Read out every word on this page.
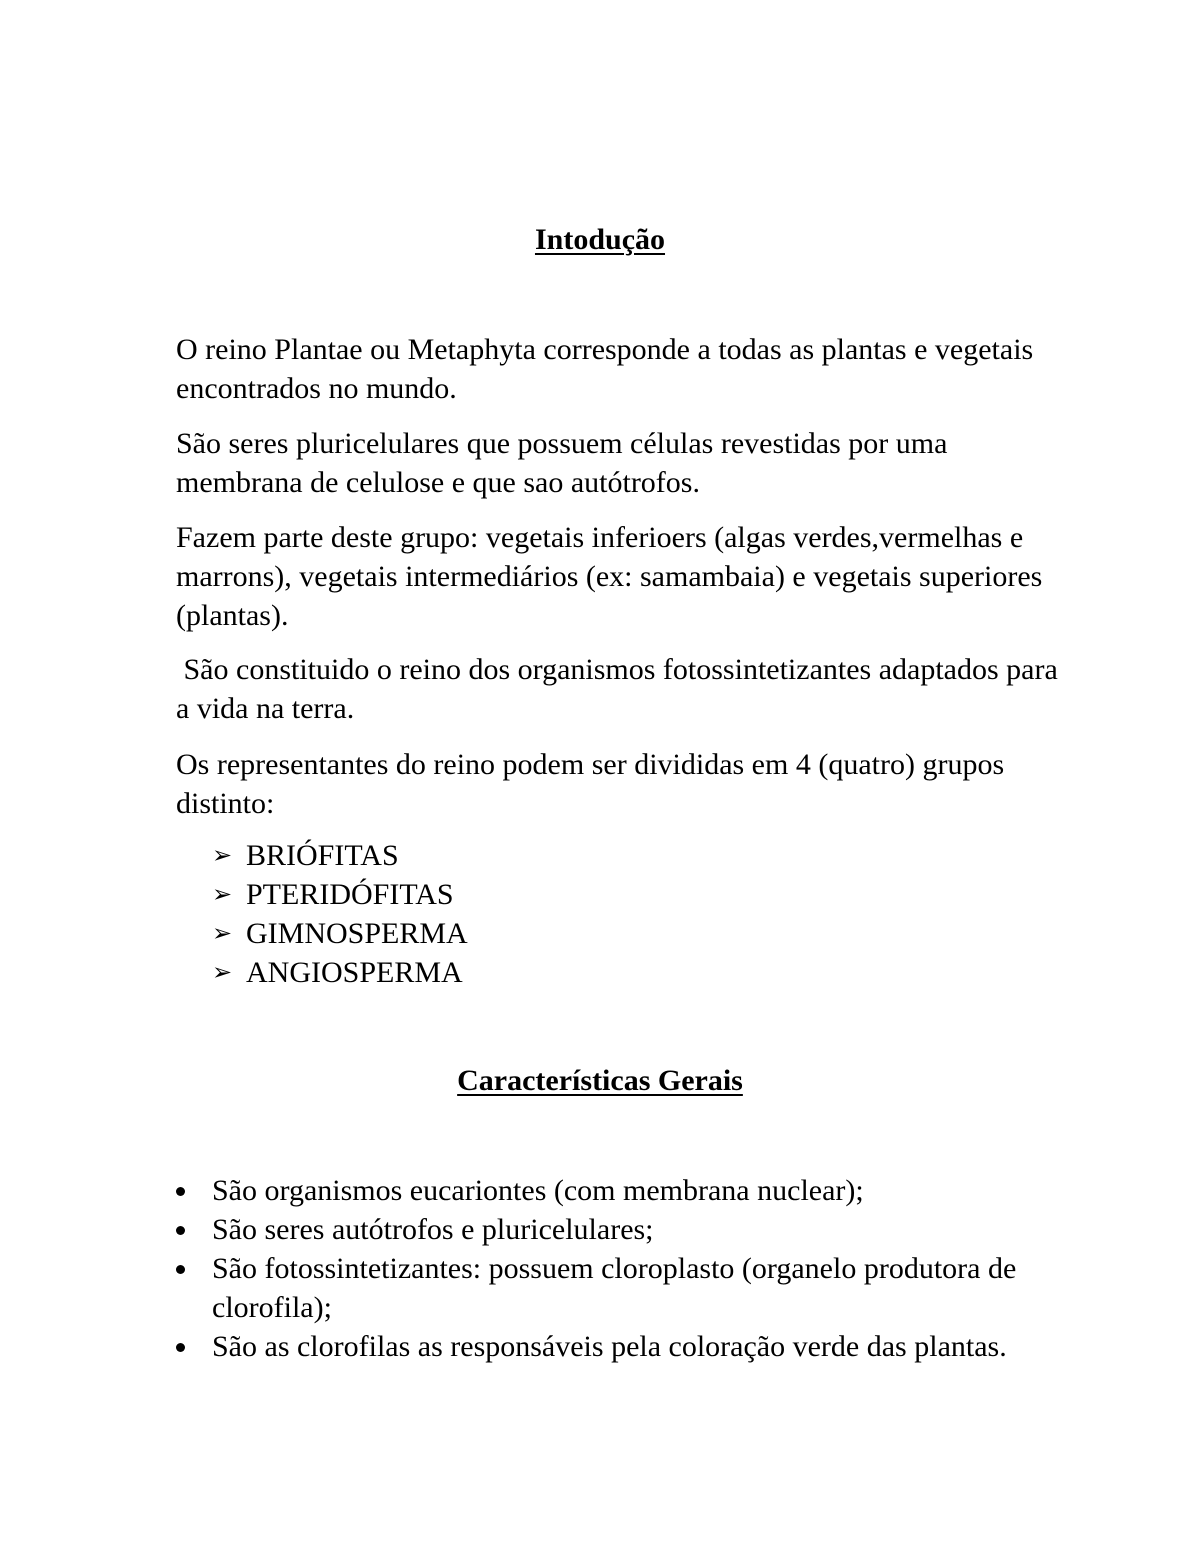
Intodução

O reino Plantae ou Metaphyta corresponde a todas as plantas e vegetais encontrados no mundo.

São seres pluricelulares que possuem células revestidas por uma membrana de celulose e que sao autótrofos.

Fazem parte deste grupo: vegetais inferioers (algas verdes,vermelhas e marrons), vegetais intermediários (ex: samambaia) e vegetais superiores (plantas).

São constituido o reino dos organismos fotossintetizantes adaptados para a vida na terra.

Os representantes do reino podem ser divididas em 4 (quatro) grupos distinto:

➢ BRIÓFITAS
➢ PTERIDÓFITAS
➢ GIMNOSPERMA
➢ ANGIOSPERMA
Características Gerais
São organismos eucariontes (com membrana nuclear);
São seres autótrofos e pluricelulares;
São fotossintetizantes: possuem cloroplasto (organelo produtora de clorofila);
São as clorofilas as responsáveis pela coloração verde das plantas.
